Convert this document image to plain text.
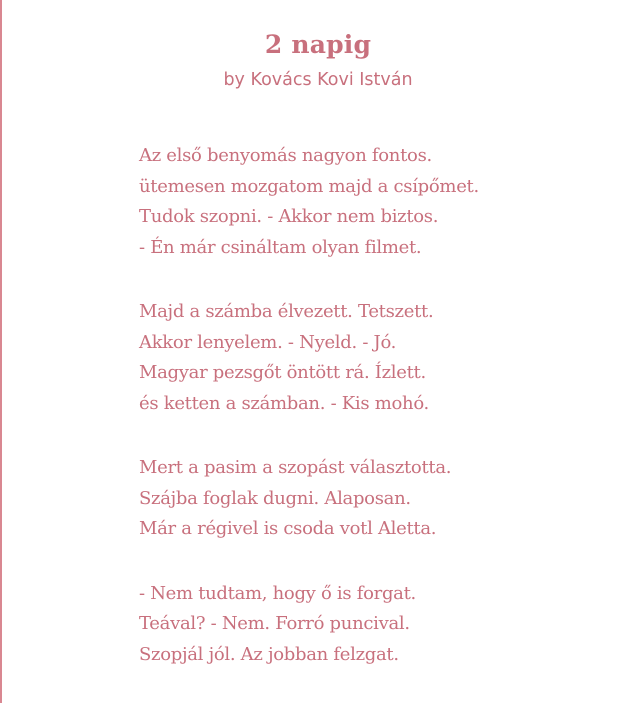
2 napig
by Kovács Kovi István
Az első benyomás nagyon fontos.
ütemesen mozgatom majd a csípőmet.
Tudok szopni. - Akkor nem biztos.
- Én már csináltam olyan filmet.
Majd a számba élvezett. Tetszett.
Akkor lenyelem. - Nyeld. - Jó.
Magyar pezsgőt öntött rá. Ízlett.
és ketten a számban. - Kis mohó.
Mert a pasim a szopást választotta.
Szájba foglak dugni. Alaposan.
Már a régivel is csoda votl Aletta.
- Nem tudtam, hogy ő is forgat.
Teával? - Nem. Forró puncival.
Szopjál jól. Az jobban felzgat.
